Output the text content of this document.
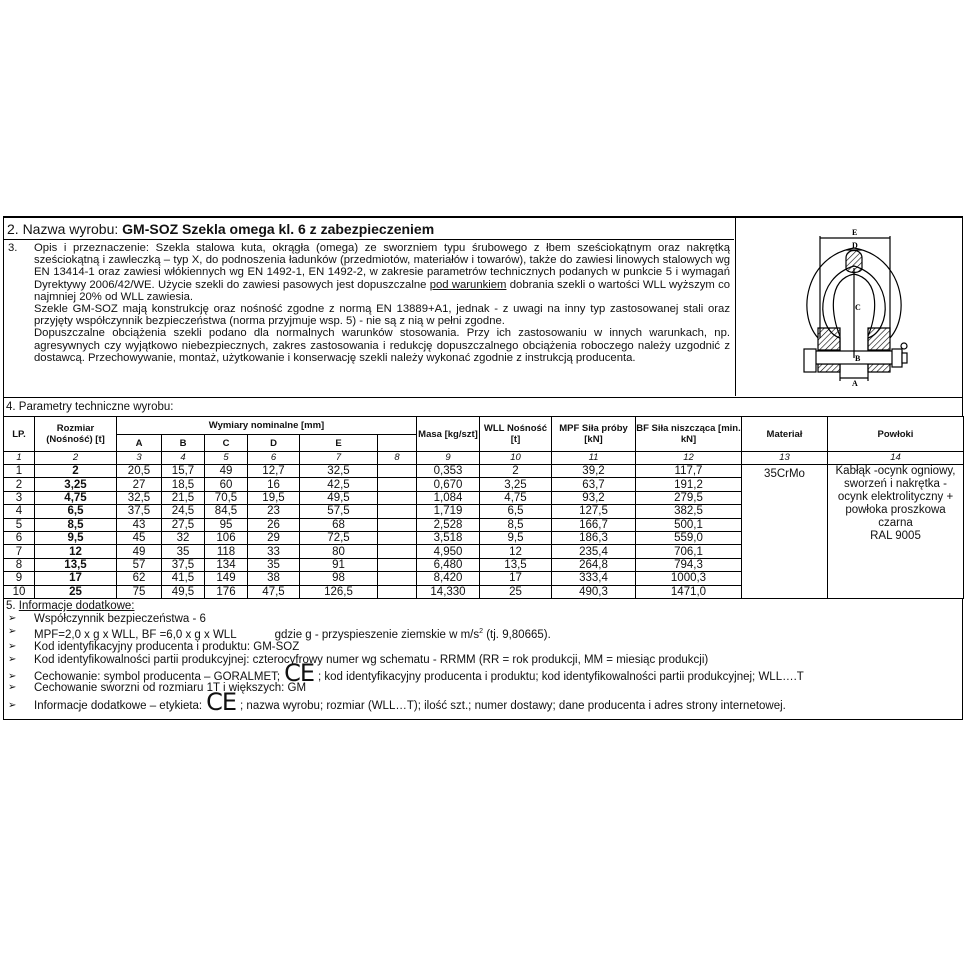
2. Nazwa wyrobu: GM-SOZ Szekla omega kl. 6 z zabezpieczeniem
3. Opis i przeznaczenie: Szekla stalowa kuta, okrągła (omega) ze sworzniem typu śrubowego z łbem sześciokątnym oraz nakrętką sześciokątną i zawleczką – typ X, do podnoszenia ładunków (przedmiotów, materiałów i towarów), także do zawiesi linowych stalowych wg EN 13414-1 oraz zawiesi włókiennych wg EN 1492-1, EN 1492-2, w zakresie parametrów technicznych podanych w punkcie 5 i wymagań Dyrektywy 2006/42/WE. Użycie szekli do zawiesi pasowych jest dopuszczalne pod warunkiem dobrania szekli o wartości WLL wyższym co najmniej 20% od WLL zawiesia.

Szekle GM-SOZ mają konstrukcję oraz nośność zgodne z normą EN 13889+A1, jednak - z uwagi na inny typ zastosowanej stali oraz przyjęty współczynnik bezpieczeństwa (norma przyjmuje wsp. 5) - nie są z nią w pełni zgodne.

Dopuszczalne obciążenia szekli podano dla normalnych warunków stosowania. Przy ich zastosowaniu w innych warunkach, np. agresywnych czy wyjątkowo niebezpiecznych, zakres zastosowania i redukcję dopuszczalnego obciążenia roboczego należy uzgodnić z dostawcą. Przechowywanie, montaż, użytkowanie i konserwację szekli należy wykonać zgodnie z instrukcją producenta.

E
D
C
B
A
4. Parametry techniczne wyrobu:
LP.	Rozmiar (Nośność) [t]	Wymiary nominalne [mm]						Masa [kg/szt]	WLL Nośność [t]	MPF Siła próby [kN]	BF Siła niszcząca [min. kN]	Materiał	Powłoki
		A	B	C	D	E							
1	2	3	4	5	6	7	8	9	10	11	12	13	14
1	2	20,5	15,7	49	12,7	32,5		0,353	2	39,2	117,7	35CrMo	Kabłąk -ocynk ogniowy,
sworzeń i nakrętka -
ocynk elektrolityczny +
powłoka proszkowa
czarna
RAL 9005

2	3,25	27	18,5	60	16	42,5		0,670	3,25	63,7	191,2		
3	4,75	32,5	21,5	70,5	19,5	49,5		1,084	4,75	93,2	279,5		
4	6,5	37,5	24,5	84,5	23	57,5		1,719	6,5	127,5	382,5		
5	8,5	43	27,5	95	26	68		2,528	8,5	166,7	500,1		
6	9,5	45	32	106	29	72,5		3,518	9,5	186,3	559,0		
7	12	49	35	118	33	80		4,950	12	235,4	706,1		
8	13,5	57	37,5	134	35	91		6,480	13,5	264,8	794,3		
9	17	62	41,5	149	38	98		8,420	17	333,4	1000,3		
10	25	75	49,5	176	47,5	126,5		14,330	25	490,3	1471,0		
5. Informacje dodatkowe:
➢ Współczynnik bezpieczeństwa - 6
➢ MPF=2,0 x g x WLL, BF =6,0 x g x WLL	gdzie g - przyspieszenie ziemskie w $m/s^2$ (tj. 9,80665).
➢ Kod identyfikacyjny producenta i produktu: GM-SOZ
➢ Kod identyfikowalności partii produkcyjnej: czterocyfrowy numer wg schematu - RRMM (RR = rok produkcji, MM = miesiąc produkcji)
➢ Cechowanie: symbol producenta – GORALMET; CE ; kod identyfikacyjny producenta i produktu; kod identyfikowalności partii produkcyjnej; WLL….T
➢ Cechowanie sworzni od rozmiaru 1T i większych: GM
➢ Informacje dodatkowe – etykieta: CE ; nazwa wyrobu; rozmiar (WLL…T); ilość szt.; numer dostawy; dane producenta i adres strony internetowej.
